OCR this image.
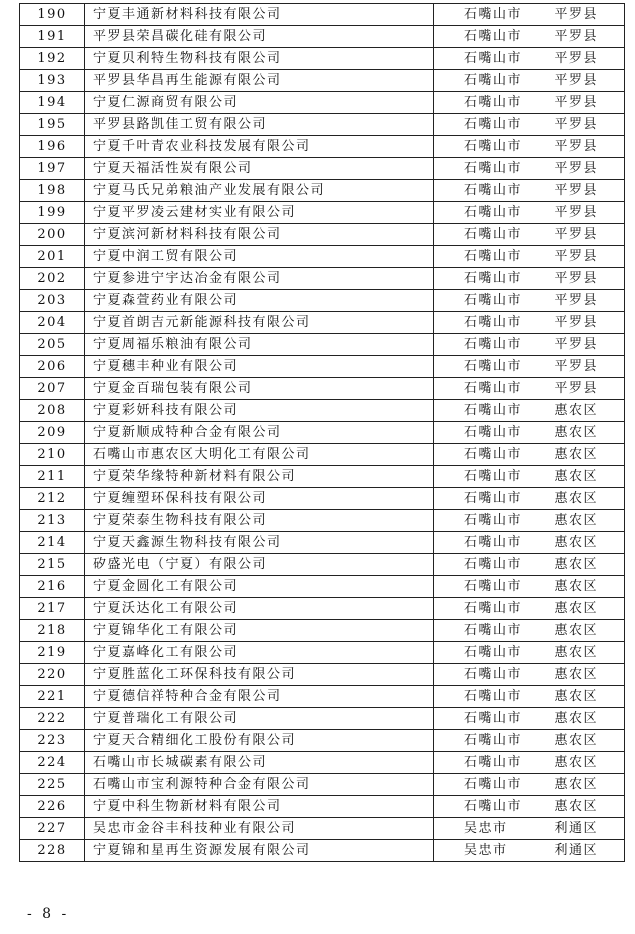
190	宁夏丰通新材料科技有限公司	石嘴山市 平罗县

191	平罗县荣昌碳化硅有限公司	石嘴山市 平罗县

192	宁夏贝利特生物科技有限公司	石嘴山市 平罗县

193	平罗县华昌再生能源有限公司	石嘴山市 平罗县

194	宁夏仁源商贸有限公司	石嘴山市 平罗县

195	平罗县路凯佳工贸有限公司	石嘴山市 平罗县

196	宁夏千叶青农业科技发展有限公司	石嘴山市 平罗县

197	宁夏天福活性炭有限公司	石嘴山市 平罗县

198	宁夏马氏兄弟粮油产业发展有限公司	石嘴山市 平罗县

199	宁夏平罗凌云建材实业有限公司	石嘴山市 平罗县

200	宁夏滨河新材料科技有限公司	石嘴山市 平罗县

201	宁夏中润工贸有限公司	石嘴山市 平罗县

202	宁夏参进宁宇达冶金有限公司	石嘴山市 平罗县

203	宁夏森萱药业有限公司	石嘴山市 平罗县

204	宁夏首朗吉元新能源科技有限公司	石嘴山市 平罗县

205	宁夏周福乐粮油有限公司	石嘴山市 平罗县

206	宁夏穗丰种业有限公司	石嘴山市 平罗县

207	宁夏金百瑞包装有限公司	石嘴山市 平罗县

208	宁夏彩妍科技有限公司	石嘴山市 惠农区

209	宁夏新顺成特种合金有限公司	石嘴山市 惠农区

210	石嘴山市惠农区大明化工有限公司	石嘴山市 惠农区

211	宁夏荣华缘特种新材料有限公司	石嘴山市 惠农区

212	宁夏缠塑环保科技有限公司	石嘴山市 惠农区

213	宁夏荣泰生物科技有限公司	石嘴山市 惠农区

214	宁夏天鑫源生物科技有限公司	石嘴山市 惠农区

215	矽盛光电（宁夏）有限公司	石嘴山市 惠农区

216	宁夏金圆化工有限公司	石嘴山市 惠农区

217	宁夏沃达化工有限公司	石嘴山市 惠农区

218	宁夏锦华化工有限公司	石嘴山市 惠农区

219	宁夏嘉峰化工有限公司	石嘴山市 惠农区

220	宁夏胜蓝化工环保科技有限公司	石嘴山市 惠农区

221	宁夏德信祥特种合金有限公司	石嘴山市 惠农区

222	宁夏普瑞化工有限公司	石嘴山市 惠农区

223	宁夏天合精细化工股份有限公司	石嘴山市 惠农区

224	石嘴山市长城碳素有限公司	石嘴山市 惠农区

225	石嘴山市宝利源特种合金有限公司	石嘴山市 惠农区

226	宁夏中科生物新材料有限公司	石嘴山市 惠农区

227	吴忠市金谷丰科技种业有限公司	吴忠市 利通区

228	宁夏锦和星再生资源发展有限公司	吴忠市 利通区
- 8 -
